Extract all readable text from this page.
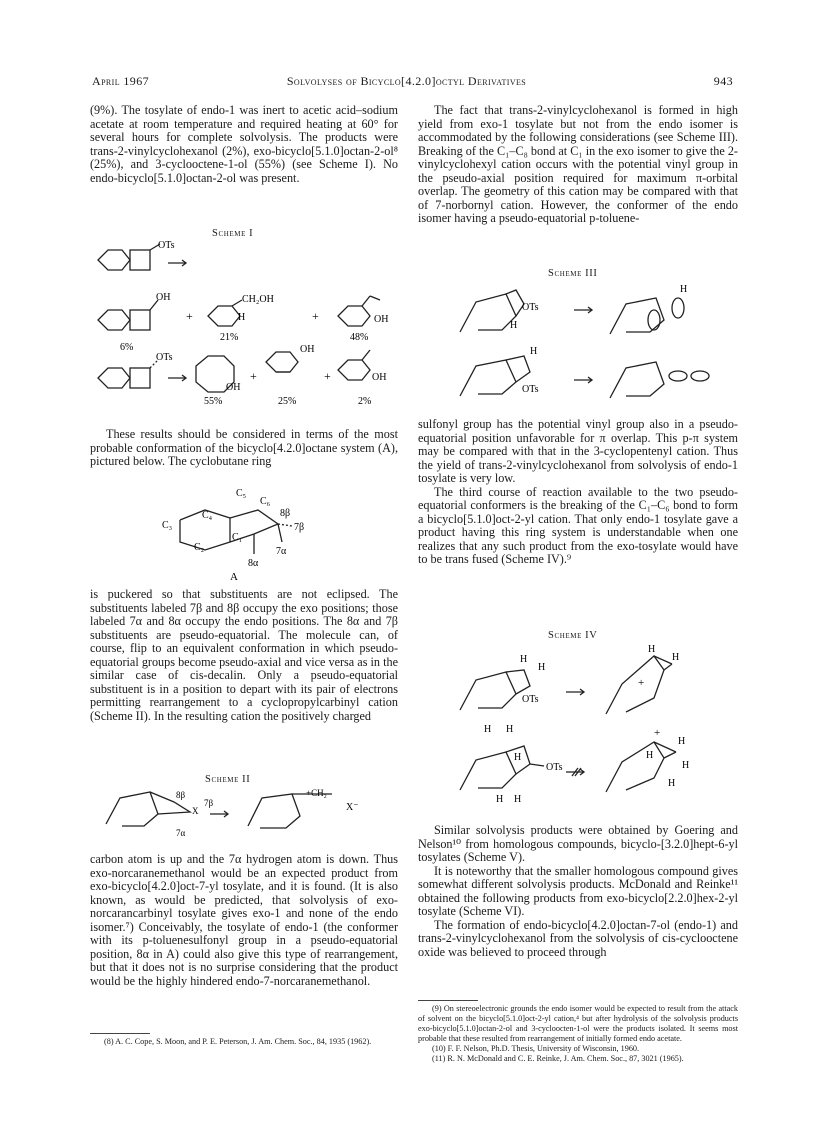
April 1967	Solvolyses of Bicyclo[4.2.0]octyl Derivatives	943

(9%). The tosylate of endo-1 was inert to acetic acid–sodium acetate at room temperature and required heating at 60° for several hours for complete solvolysis. The products were trans-2-vinylcyclohexanol (2%), exo-bicyclo[5.1.0]octan-2-ol⁸ (25%), and 3-cyclooctene-1-ol (55%) (see Scheme I). No endo-bicyclo[5.1.0]octan-2-ol was present.

Scheme I
OTs
OH
+
CH₂OH
H	+	OH
6%
21%	48%
OTs
OH
+
OH
+	OH
55%	25%	2%

These results should be considered in terms of the most probable conformation of the bicyclo[4.2.0]octane system (A), pictured below. The cyclobutane ring

C₅
C₆
8β
C₄
C₃	7β
C₁
C₂	7α
8α
A

is puckered so that substituents are not eclipsed. The substituents labeled 7β and 8β occupy the exo positions; those labeled 7α and 8α occupy the endo positions. The 8α and 7β substituents are pseudo-equatorial. The molecule can, of course, flip to an equivalent conformation in which pseudo-equatorial groups become pseudo-axial and vice versa as in the similar case of cis-decalin. Only a pseudo-equatorial substituent is in a position to depart with its pair of electrons permitting rearrangement to a cyclopropylcarbinyl cation (Scheme II). In the resulting cation the positively charged

Scheme II
8β
X
7β
7α
+CH₂
X⁻

carbon atom is up and the 7α hydrogen atom is down. Thus exo-norcaranemethanol would be an expected product from exo-bicyclo[4.2.0]oct-7-yl tosylate, and it is found. (It is also known, as would be predicted, that solvolysis of exo-norcarancarbinyl tosylate gives exo-1 and none of the endo isomer.⁷) Conceivably, the tosylate of endo-1 (the conformer with its p-toluenesulfonyl group in a pseudo-equatorial position, 8α in A) could also give this type of rearrangement, but that it does not is no surprise considering that the product would be the highly hindered endo-7-norcaranemethanol.

(8) A. C. Cope, S. Moon, and P. E. Peterson, J. Am. Chem. Soc., 84, 1935 (1962).

The fact that trans-2-vinylcyclohexanol is formed in high yield from exo-1 tosylate but not from the endo isomer is accommodated by the following considerations (see Scheme III). Breaking of the C₁–C₈ bond at C₁ in the exo isomer to give the 2-vinylcyclohexyl cation occurs with the potential vinyl group in the pseudo-axial position required for maximum π-orbital overlap. The geometry of this cation may be compared with that of 7-norbornyl cation. However, the conformer of the endo isomer having a pseudo-equatorial p-toluene-

Scheme III
OTs
H
H
H
OTs

sulfonyl group has the potential vinyl group also in a pseudo-equatorial position unfavorable for π overlap. This p-π system may be compared with that in the 3-cyclopentenyl cation. Thus the yield of trans-2-vinylcyclohexanol from solvolysis of endo-1 tosylate is very low.

The third course of reaction available to the two pseudo-equatorial conformers is the breaking of the C₁–C₆ bond to form a bicyclo[5.1.0]oct-2-yl cation. That only endo-1 tosylate gave a product having this ring system is understandable when one realizes that any such product from the exo-tosylate would have to be trans fused (Scheme IV).⁹

Scheme IV
H
H
OTs
H
H
+
H H
OTs
H
H H
+
H
H
H
H

Similar solvolysis products were obtained by Goering and Nelson¹⁰ from homologous compounds, bicyclo-[3.2.0]hept-6-yl tosylates (Scheme V).

It is noteworthy that the smaller homologous compound gives somewhat different solvolysis products. McDonald and Reinke¹¹ obtained the following products from exo-bicyclo[2.2.0]hex-2-yl tosylate (Scheme VI).

The formation of endo-bicyclo[4.2.0]octan-7-ol (endo-1) and trans-2-vinylcyclohexanol from the solvolysis of cis-cyclooctene oxide was believed to proceed through

(9) On stereoelectronic grounds the endo isomer would be expected to result from the attack of solvent on the bicyclo[5.1.0]oct-2-yl cation,⁴ but after hydrolysis of the solvolysis products exo-bicyclo[5.1.0]octan-2-ol and 3-cycloocten-1-ol were the products isolated. It seems most probable that these resulted from rearrangement of initially formed endo acetate.

(10) F. F. Nelson, Ph.D. Thesis, University of Wisconsin, 1960.

(11) R. N. McDonald and C. E. Reinke, J. Am. Chem. Soc., 87, 3021 (1965).
